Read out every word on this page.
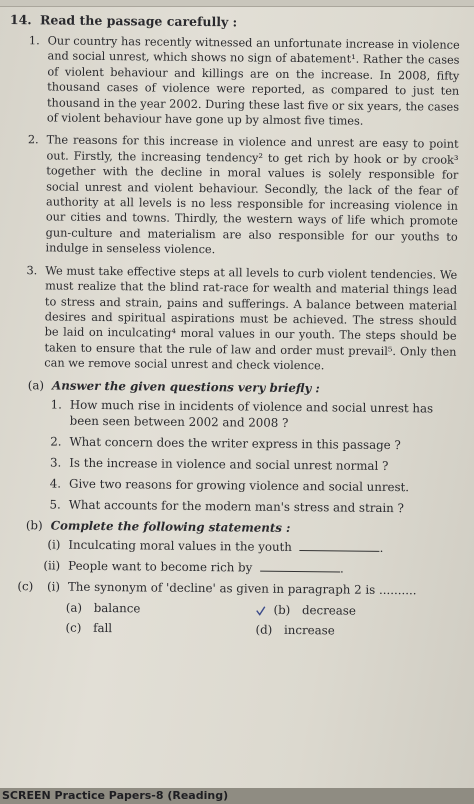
14. Read the passage carefully :
1. Our country has recently witnessed an unfortunate increase in violence and social unrest, which shows no sign of abatement¹. Rather the cases of violent behaviour and killings are on the increase. In 2008, fifty thousand cases of violence were reported, as compared to just ten thousand in the year 2002. During these last five or six years, the cases of violent behaviour have gone up by almost five times.
2. The reasons for this increase in violence and unrest are easy to point out. Firstly, the increasing tendency² to get rich by hook or by crook³ together with the decline in moral values is solely responsible for social unrest and violent behaviour. Secondly, the lack of the fear of authority at all levels is no less responsible for increasing violence in our cities and towns. Thirdly, the western ways of life which promote gun-culture and materialism are also responsible for our youths to indulge in senseless violence.
3. We must take effective steps at all levels to curb violent tendencies. We must realize that the blind rat-race for wealth and material things lead to stress and strain, pains and sufferings. A balance between material desires and spiritual aspirations must be achieved. The stress should be laid on inculcating⁴ moral values in our youth. The steps should be taken to ensure that the rule of law and order must prevail⁵. Only then can we remove social unrest and check violence.
(a) Answer the given questions very briefly :
1. How much rise in incidents of violence and social unrest has been seen between 2002 and 2008 ?
2. What concern does the writer express in this passage ?
3. Is the increase in violence and social unrest normal ?
4. Give two reasons for growing violence and social unrest.
5. What accounts for the modern man's stress and strain ?
(b) Complete the following statements :
(i) Inculcating moral values in the youth	.
(ii) People want to become rich by	.
(c) (i) The synonym of 'decline' as given in paragraph 2 is ..........
(a) balance	(b) decrease
(c) fall	(d) increase
SCREEN Practice Papers-8 (Reading)
